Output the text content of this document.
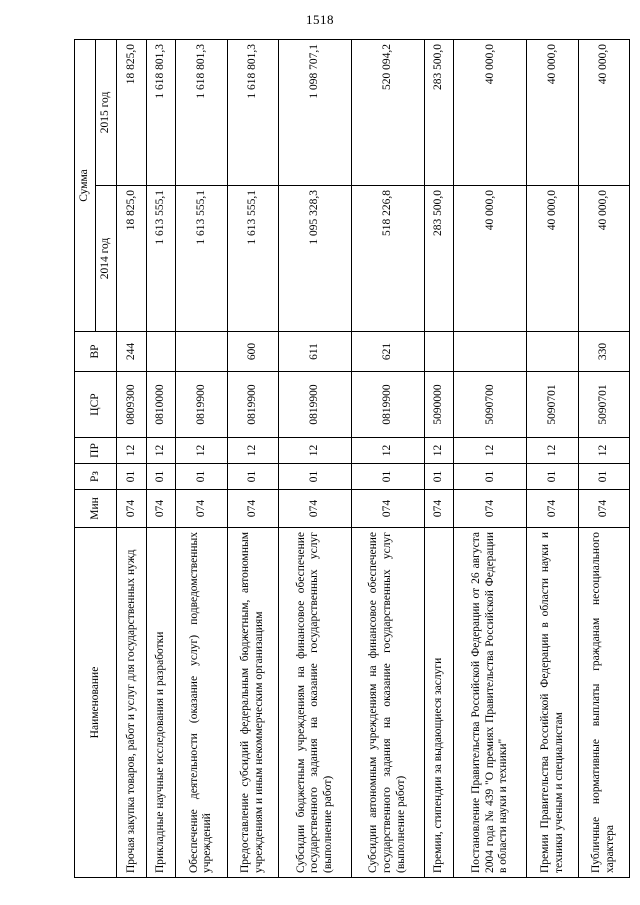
1518
Наименование	Мин	Рз	ПР	ЦСР	ВР	Сумма	
						2014 год	2015 год
Прочая закупка товаров, работ и услуг для государственных нужд	074	01	12	0809300	244	18 825,0	18 825,0
Прикладные научные исследования и разработки	074	01	12	0810000		1 613 555,1	1 618 801,3
Обеспечение деятельности (оказание услуг) подведомственных учреждений	074	01	12	0819900		1 613 555,1	1 618 801,3
Предоставление субсидий федеральным бюджетным, автономным учреждениям и иным некоммерческим организациям	074	01	12	0819900	600	1 613 555,1	1 618 801,3
Субсидии бюджетным учреждениям на финансовое обеспечение государственного задания на оказание государственных услуг (выполнение работ)	074	01	12	0819900	611	1 095 328,3	1 098 707,1
Субсидии автономным учреждениям на финансовое обеспечение государственного задания на оказание государственных услуг (выполнение работ)	074	01	12	0819900	621	518 226,8	520 094,2
Премии, стипендии за выдающиеся заслуги	074	01	12	5090000		283 500,0	283 500,0
Постановление Правительства Российской Федерации от 26 августа 2004 года № 439 "О премиях Правительства Российской Федерации в области науки и техники"	074	01	12	5090700		40 000,0	40 000,0
Премии Правительства Российской Федерации в области науки и техники ученым и специалистам	074	01	12	5090701		40 000,0	40 000,0
Публичные нормативные выплаты гражданам несоциального характера	074	01	12	5090701	330	40 000,0	40 000,0
